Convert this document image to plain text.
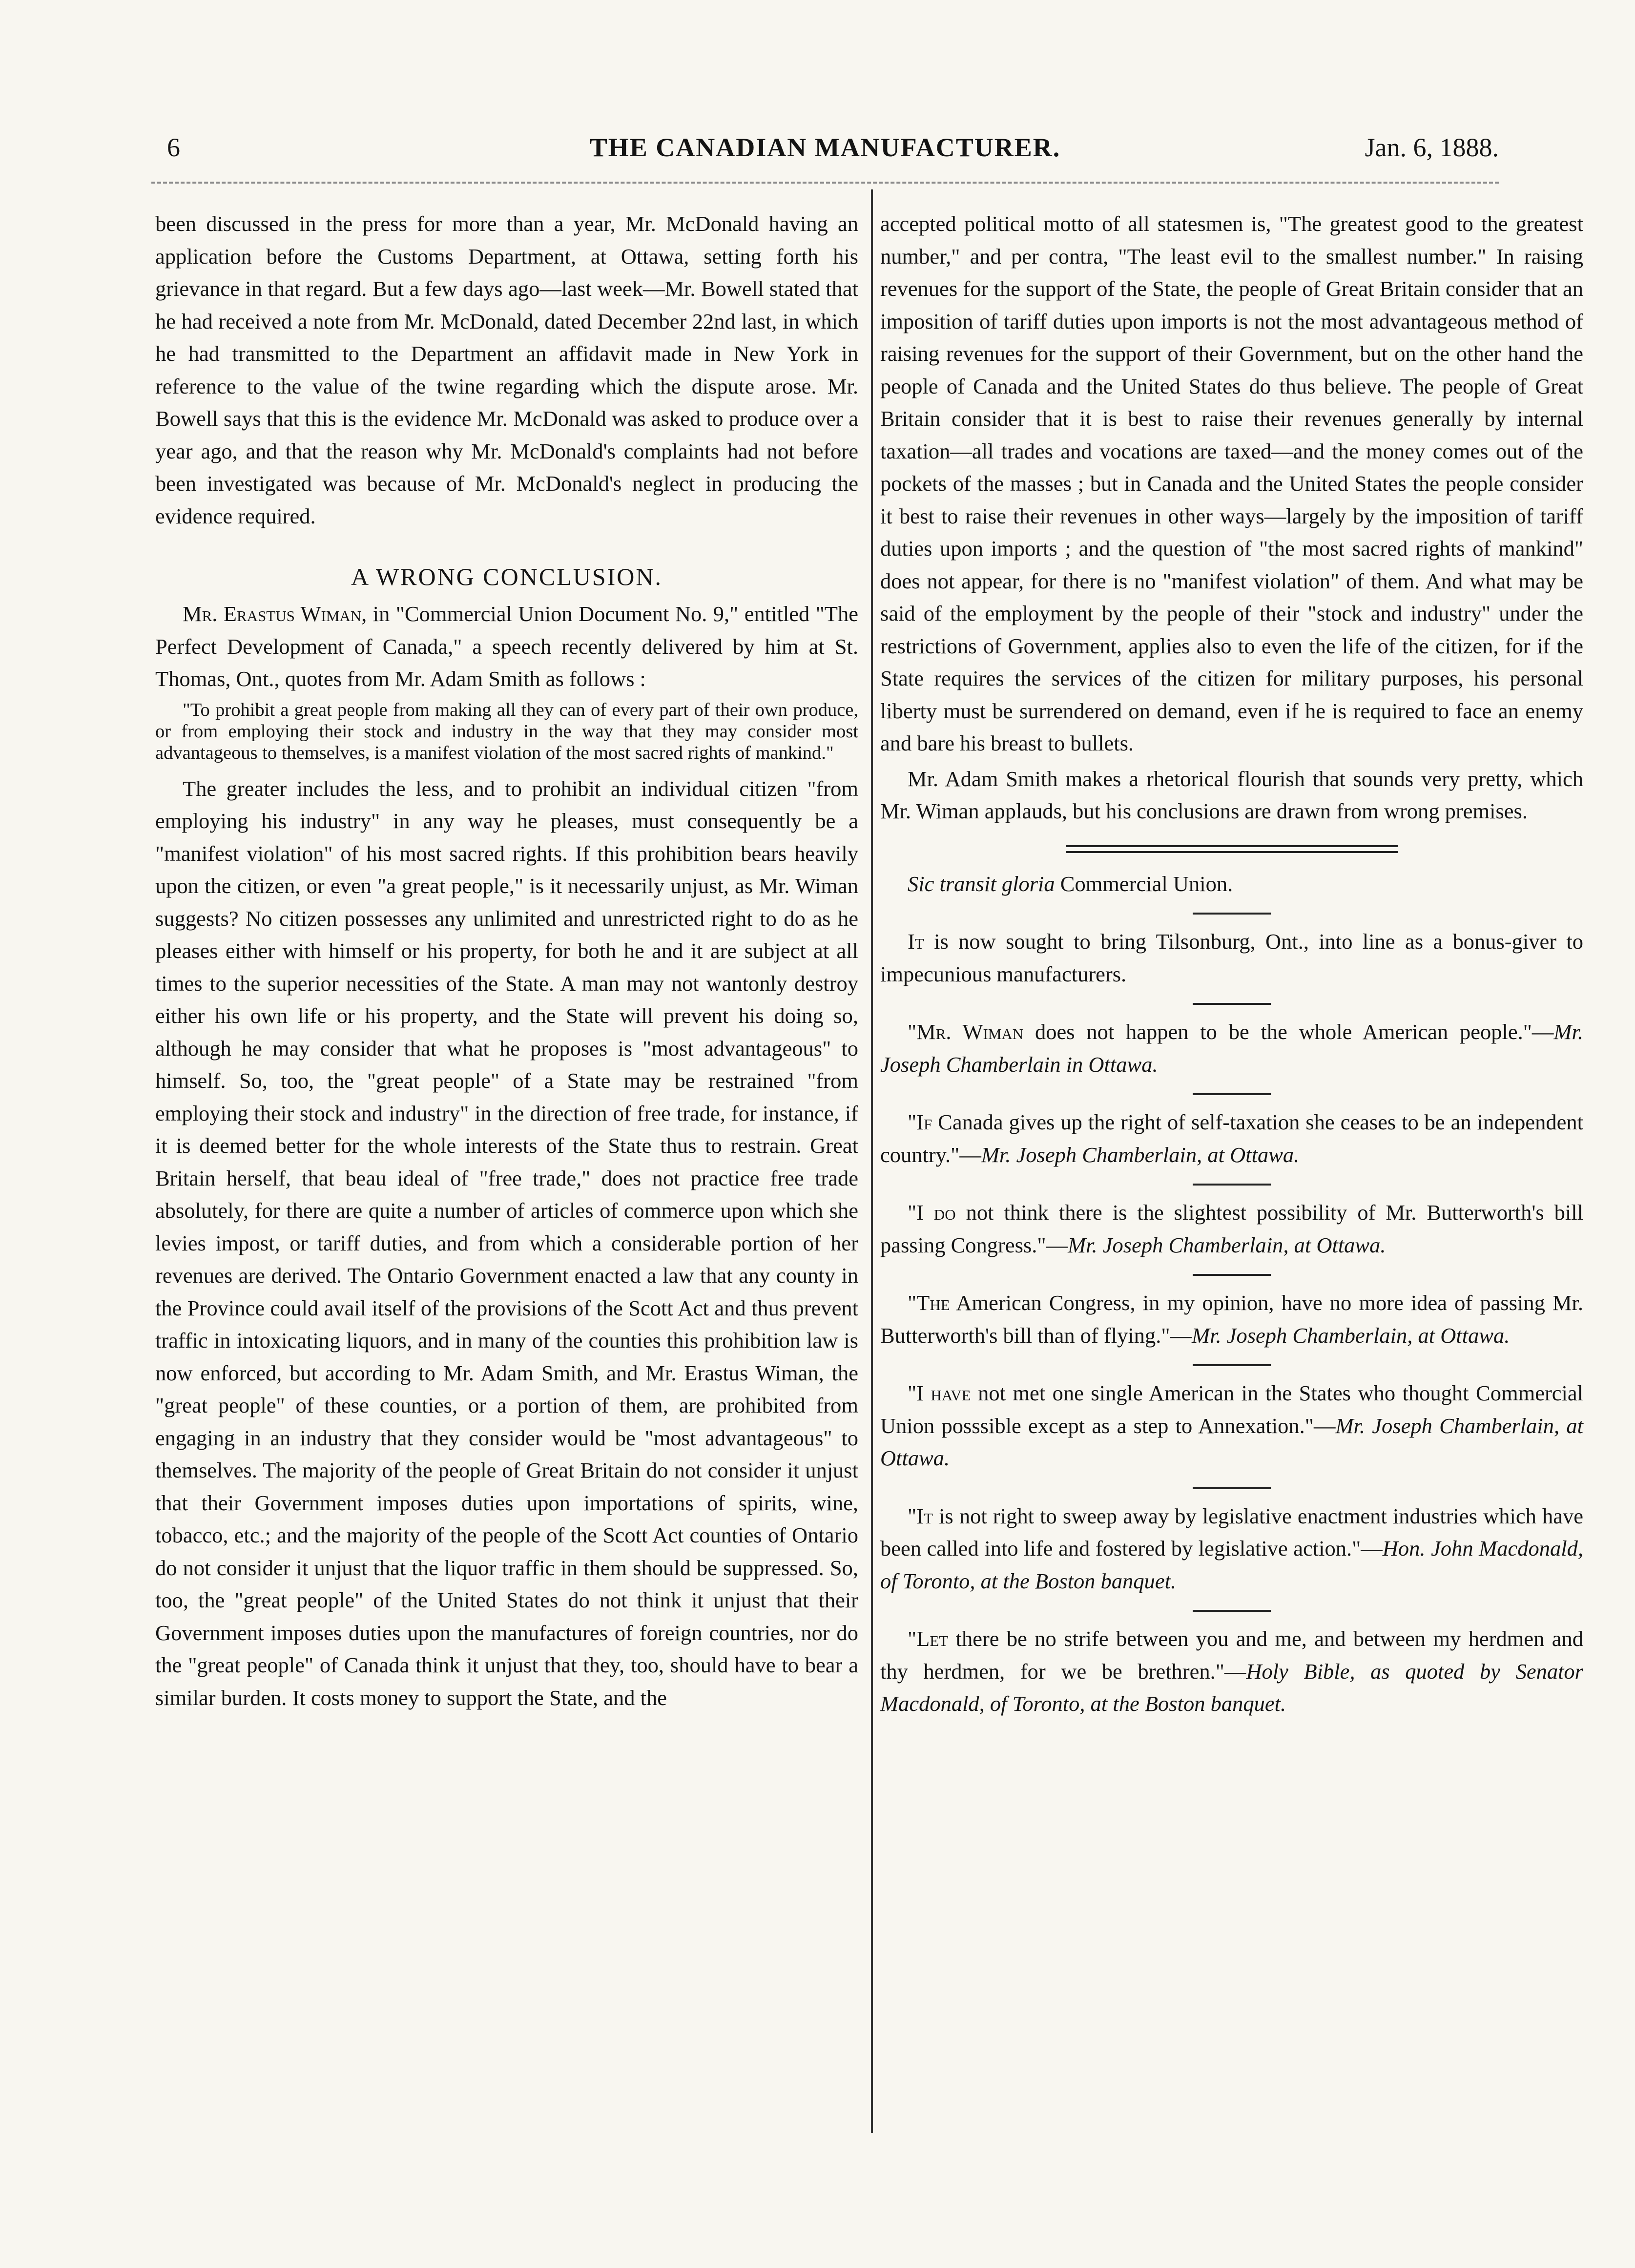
6	THE CANADIAN MANUFACTURER.	Jan. 6, 1888.

been discussed in the press for more than a year, Mr. McDonald having an application before the Customs Department, at Ottawa, setting forth his grievance in that regard. But a few days ago—last week—Mr. Bowell stated that he had received a note from Mr. McDonald, dated December 22nd last, in which he had transmitted to the Department an affidavit made in New York in reference to the value of the twine regarding which the dispute arose. Mr. Bowell says that this is the evidence Mr. McDonald was asked to produce over a year ago, and that the reason why Mr. McDonald's complaints had not before been investigated was because of Mr. McDonald's neglect in producing the evidence required.

A WRONG CONCLUSION.

Mr. Erastus Wiman, in "Commercial Union Document No. 9," entitled "The Perfect Development of Canada," a speech recently delivered by him at St. Thomas, Ont., quotes from Mr. Adam Smith as follows :

"To prohibit a great people from making all they can of every part of their own produce, or from employing their stock and industry in the way that they may consider most advantageous to themselves, is a manifest violation of the most sacred rights of mankind."

The greater includes the less, and to prohibit an individual citizen "from employing his industry" in any way he pleases, must consequently be a "manifest violation" of his most sacred rights. If this prohibition bears heavily upon the citizen, or even "a great people," is it necessarily unjust, as Mr. Wiman suggests? No citizen possesses any unlimited and unrestricted right to do as he pleases either with himself or his property, for both he and it are subject at all times to the superior necessities of the State. A man may not wantonly destroy either his own life or his property, and the State will prevent his doing so, although he may consider that what he proposes is "most advantageous" to himself. So, too, the "great people" of a State may be restrained "from employing their stock and industry" in the direction of free trade, for instance, if it is deemed better for the whole interests of the State thus to restrain. Great Britain herself, that beau ideal of "free trade," does not practice free trade absolutely, for there are quite a number of articles of commerce upon which she levies impost, or tariff duties, and from which a considerable portion of her revenues are derived. The Ontario Government enacted a law that any county in the Province could avail itself of the provisions of the Scott Act and thus prevent traffic in intoxicating liquors, and in many of the counties this prohibition law is now enforced, but according to Mr. Adam Smith, and Mr. Erastus Wiman, the "great people" of these counties, or a portion of them, are prohibited from engaging in an industry that they consider would be "most advantageous" to themselves. The majority of the people of Great Britain do not consider it unjust that their Government imposes duties upon importations of spirits, wine, tobacco, etc.; and the majority of the people of the Scott Act counties of Ontario do not consider it unjust that the liquor traffic in them should be suppressed. So, too, the "great people" of the United States do not think it unjust that their Government imposes duties upon the manufactures of foreign countries, nor do the "great people" of Canada think it unjust that they, too, should have to bear a similar burden. It costs money to support the State, and the

accepted political motto of all statesmen is, "The greatest good to the greatest number," and per contra, "The least evil to the smallest number." In raising revenues for the support of the State, the people of Great Britain consider that an imposition of tariff duties upon imports is not the most advantageous method of raising revenues for the support of their Government, but on the other hand the people of Canada and the United States do thus believe. The people of Great Britain consider that it is best to raise their revenues generally by internal taxation—all trades and vocations are taxed—and the money comes out of the pockets of the masses ; but in Canada and the United States the people consider it best to raise their revenues in other ways—largely by the imposition of tariff duties upon imports ; and the question of "the most sacred rights of mankind" does not appear, for there is no "manifest violation" of them. And what may be said of the employment by the people of their "stock and industry" under the restrictions of Government, applies also to even the life of the citizen, for if the State requires the services of the citizen for military purposes, his personal liberty must be surrendered on demand, even if he is required to face an enemy and bare his breast to bullets.

Mr. Adam Smith makes a rhetorical flourish that sounds very pretty, which Mr. Wiman applauds, but his conclusions are drawn from wrong premises.

Sic transit gloria Commercial Union.

It is now sought to bring Tilsonburg, Ont., into line as a bonus-giver to impecunious manufacturers.

"Mr. Wiman does not happen to be the whole American people."—Mr. Joseph Chamberlain in Ottawa.

"If Canada gives up the right of self-taxation she ceases to be an independent country."—Mr. Joseph Chamberlain, at Ottawa.

"I do not think there is the slightest possibility of Mr. Butterworth's bill passing Congress."—Mr. Joseph Chamberlain, at Ottawa.

"The American Congress, in my opinion, have no more idea of passing Mr. Butterworth's bill than of flying."—Mr. Joseph Chamberlain, at Ottawa.

"I have not met one single American in the States who thought Commercial Union posssible except as a step to Annexation."—Mr. Joseph Chamberlain, at Ottawa.

"It is not right to sweep away by legislative enactment industries which have been called into life and fostered by legislative action."—Hon. John Macdonald, of Toronto, at the Boston banquet.

"Let there be no strife between you and me, and between my herdmen and thy herdmen, for we be brethren."—Holy Bible, as quoted by Senator Macdonald, of Toronto, at the Boston banquet.
